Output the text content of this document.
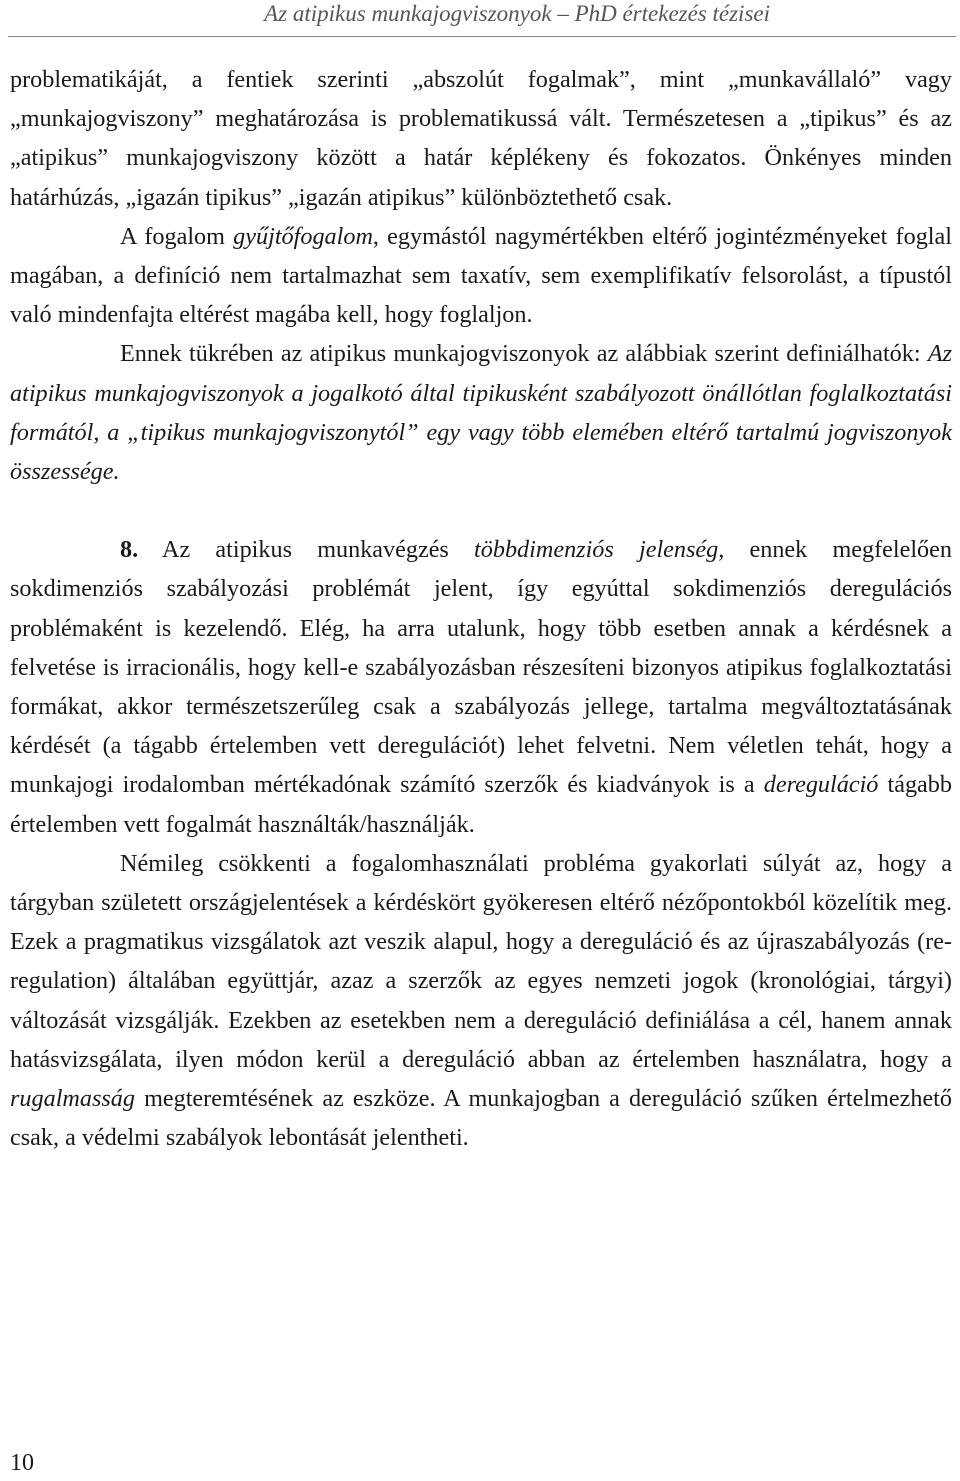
Az atipikus munkajogviszonyok – PhD értekezés tézisei

problematikáját, a fentiek szerinti „abszolút fogalmak”, mint „munkavállaló” vagy „munkajogviszony” meghatározása is problematikussá vált. Természetesen a „tipikus” és az „atipikus” munkajogviszony között a határ képlékeny és fokozatos. Önkényes minden határhúzás, „igazán tipikus” „igazán atipikus” különböztethető csak.

A fogalom gyűjtőfogalom, egymástól nagymértékben eltérő jogintézményeket foglal magában, a definíció nem tartalmazhat sem taxatív, sem exemplifikatív felsorolást, a típustól való mindenfajta eltérést magába kell, hogy foglaljon.

Ennek tükrében az atipikus munkajogviszonyok az alábbiak szerint definiálhatók: Az atipikus munkajogviszonyok a jogalkotó által tipikusként szabályozott önállótlan foglalkoztatási formától, a „tipikus munkajogviszonytól” egy vagy több elemében eltérő tartalmú jogviszonyok összessége.

8. Az atipikus munkavégzés többdimenziós jelenség, ennek megfelelően sokdimenziós szabályozási problémát jelent, így egyúttal sokdimenziós deregulációs problémaként is kezelendő. Elég, ha arra utalunk, hogy több esetben annak a kérdésnek a felvetése is irracionális, hogy kell-e szabályozásban részesíteni bizonyos atipikus foglalkoztatási formákat, akkor természetszerűleg csak a szabályozás jellege, tartalma megváltoztatásának kérdését (a tágabb értelemben vett deregulációt) lehet felvetni. Nem véletlen tehát, hogy a munkajogi irodalomban mértékadónak számító szerzők és kiadványok is a dereguláció tágabb értelemben vett fogalmát használták/használják.

Némileg csökkenti a fogalomhasználati probléma gyakorlati súlyát az, hogy a tárgyban született országjelentések a kérdéskört gyökeresen eltérő nézőpontokból közelítik meg. Ezek a pragmatikus vizsgálatok azt veszik alapul, hogy a dereguláció és az újraszabályozás (re-regulation) általában együttjár, azaz a szerzők az egyes nemzeti jogok (kronológiai, tárgyi) változását vizsgálják. Ezekben az esetekben nem a dereguláció definiálása a cél, hanem annak hatásvizsgálata, ilyen módon kerül a dereguláció abban az értelemben használatra, hogy a rugalmasság megteremtésének az eszköze. A munkajogban a dereguláció szűken értelmezhető csak, a védelmi szabályok lebontását jelentheti.

10
